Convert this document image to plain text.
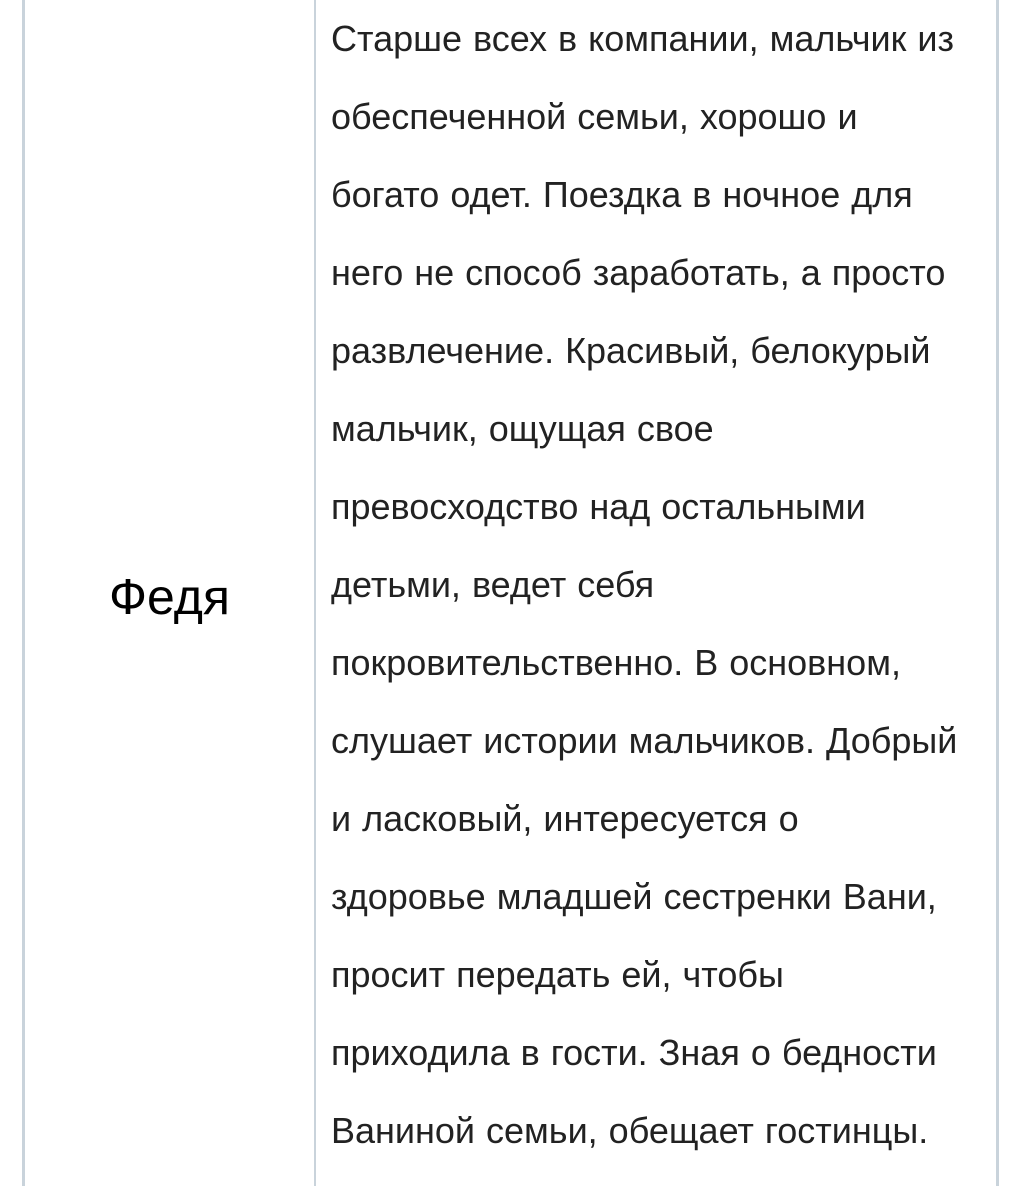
Федя

Старше всех в компании, мальчик из
обеспеченной семьи, хорошо и
богато одет. Поездка в ночное для
него не способ заработать, а просто
развлечение. Красивый, белокурый
мальчик, ощущая свое
превосходство над остальными
детьми, ведет себя
покровительственно. В основном,
слушает истории мальчиков. Добрый
и ласковый, интересуется о
здоровье младшей сестренки Вани,
просит передать ей, чтобы
приходила в гости. Зная о бедности
Ваниной семьи, обещает гостинцы.
